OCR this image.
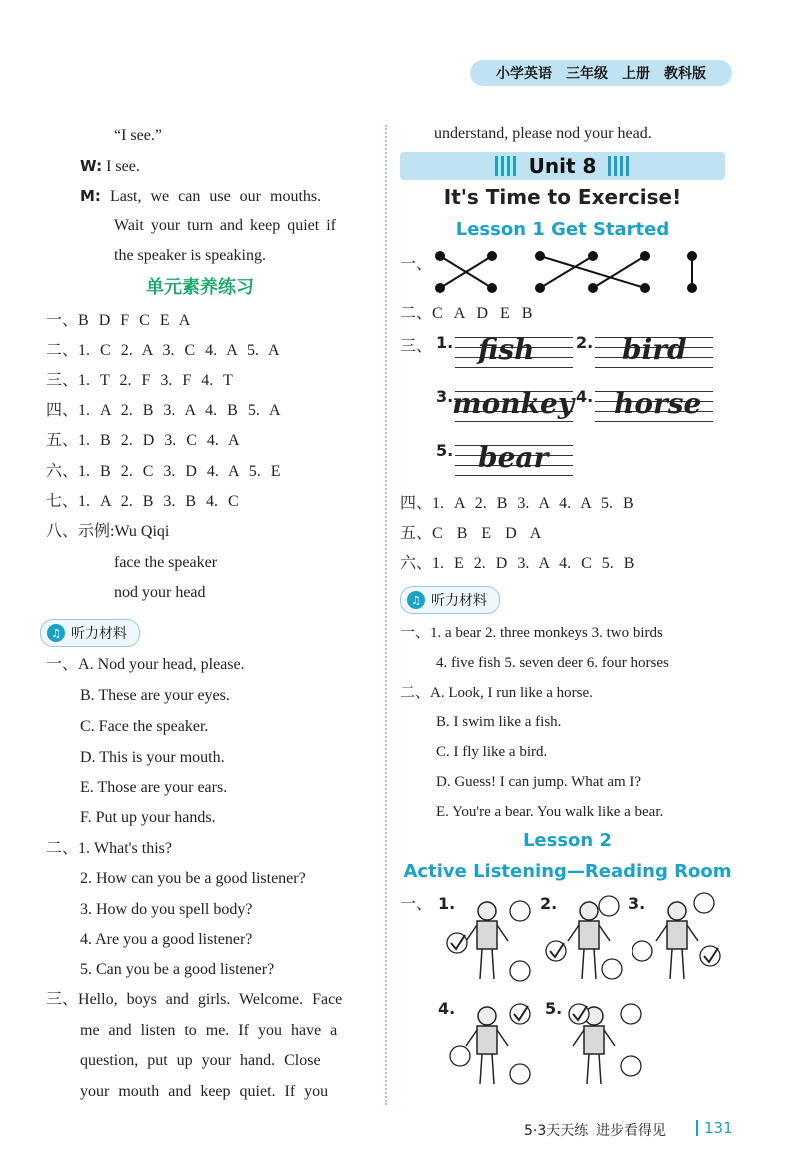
小学英语 三年级 上册 教科版
“I see.”
W: I see.
M: Last, we can use our mouths.
Wait your turn and keep quiet if
the speaker is speaking.
单元素养练习
一、B D F C E A
二、1. C 2. A 3. C 4. A 5. A
三、1. T 2. F 3. F 4. T
四、1. A 2. B 3. A 4. B 5. A
五、1. B 2. D 3. C 4. A
六、1. B 2. C 3. D 4. A 5. E
七、1. A 2. B 3. B 4. C
八、示例:Wu Qiqi
face the speaker
nod your head
♫ 听力材料
一、A. Nod your head, please.
B. These are your eyes.
C. Face the speaker.
D. This is your mouth.
E. Those are your ears.
F. Put up your hands.
二、1. What's this?
2. How can you be a good listener?
3. How do you spell body?
4. Are you a good listener?
5. Can you be a good listener?
三、Hello, boys and girls. Welcome. Face
me and listen to me. If you have a
question, put up your hand. Close
your mouth and keep quiet. If you
understand, please nod your head.
Unit 8
It's Time to Exercise!
Lesson 1 Get Started
一、
二、C A D E B
三、 1. fish	2. bird
3.
monkey 4. horse
5. bear
四、1. A 2. B 3. A 4. A 5. B
五、C B E D A
六、1. E 2. D 3. A 4. C 5. B
♫ 听力材料
一、1. a bear 2. three monkeys 3. two birds
4. five fish 5. seven deer 6. four horses
二、A. Look, I run like a horse.
B. I swim like a fish.
C. I fly like a bird.
D. Guess! I can jump. What am I?
E. You're a bear. You walk like a bear.
Lesson 2
Active Listening—Reading Room
一、 1.	2.	3.
4.	5.
5·3天天练 进步看得见	131
